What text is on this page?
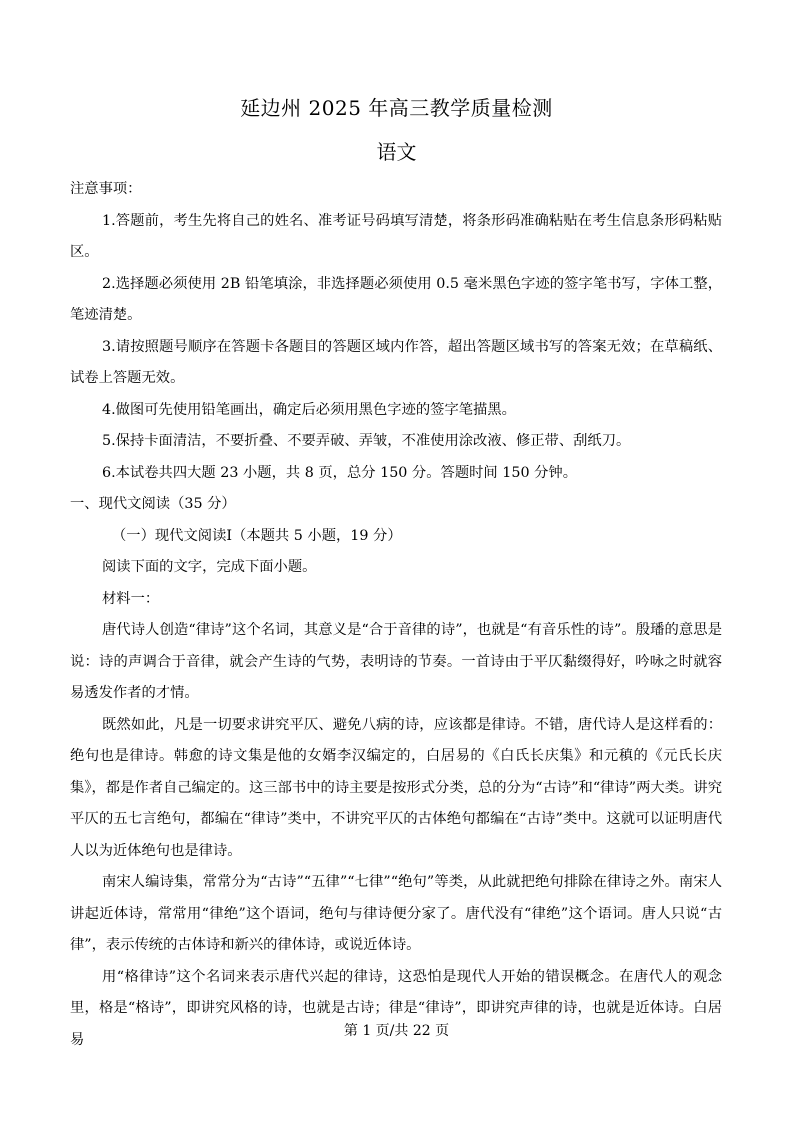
延边州 2025 年高三教学质量检测
语文

注意事项：

1.答题前，考生先将自己的姓名、准考证号码填写清楚，将条形码准确粘贴在考生信息条形码粘贴区。

2.选择题必须使用 2B 铅笔填涂，非选择题必须使用 0.5 毫米黑色字迹的签字笔书写，字体工整，笔迹清楚。

3.请按照题号顺序在答题卡各题目的答题区域内作答，超出答题区域书写的答案无效；在草稿纸、试卷上答题无效。

4.做图可先使用铅笔画出，确定后必须用黑色字迹的签字笔描黑。

5.保持卡面清洁，不要折叠、不要弄破、弄皱，不准使用涂改液、修正带、刮纸刀。

6.本试卷共四大题 23 小题，共 8 页，总分 150 分。答题时间 150 分钟。

一、现代文阅读（35 分）

（一）现代文阅读Ⅰ（本题共 5 小题，19 分）

阅读下面的文字，完成下面小题。

材料一：

唐代诗人创造“律诗”这个名词，其意义是“合于音律的诗”，也就是“有音乐性的诗”。殷璠的意思是说：诗的声调合于音律，就会产生诗的气势，表明诗的节奏。一首诗由于平仄黏缀得好，吟咏之时就容易透发作者的才情。

既然如此，凡是一切要求讲究平仄、避免八病的诗，应该都是律诗。不错，唐代诗人是这样看的：绝句也是律诗。韩愈的诗文集是他的女婿李汉编定的，白居易的《白氏长庆集》和元稹的《元氏长庆集》，都是作者自己编定的。这三部书中的诗主要是按形式分类，总的分为“古诗”和“律诗”两大类。讲究平仄的五七言绝句，都编在“律诗”类中，不讲究平仄的古体绝句都编在“古诗”类中。这就可以证明唐代人以为近体绝句也是律诗。

南宋人编诗集，常常分为“古诗”“五律”“七律”“绝句”等类，从此就把绝句排除在律诗之外。南宋人讲起近体诗，常常用“律绝”这个语词，绝句与律诗便分家了。唐代没有“律绝”这个语词。唐人只说“古律”，表示传统的古体诗和新兴的律体诗，或说近体诗。

用“格律诗”这个名词来表示唐代兴起的律诗，这恐怕是现代人开始的错误概念。在唐代人的观念里，格是“格诗”，即讲究风格的诗，也就是古诗；律是“律诗”，即讲究声律的诗，也就是近体诗。白居易

第 1 页/共 22 页
